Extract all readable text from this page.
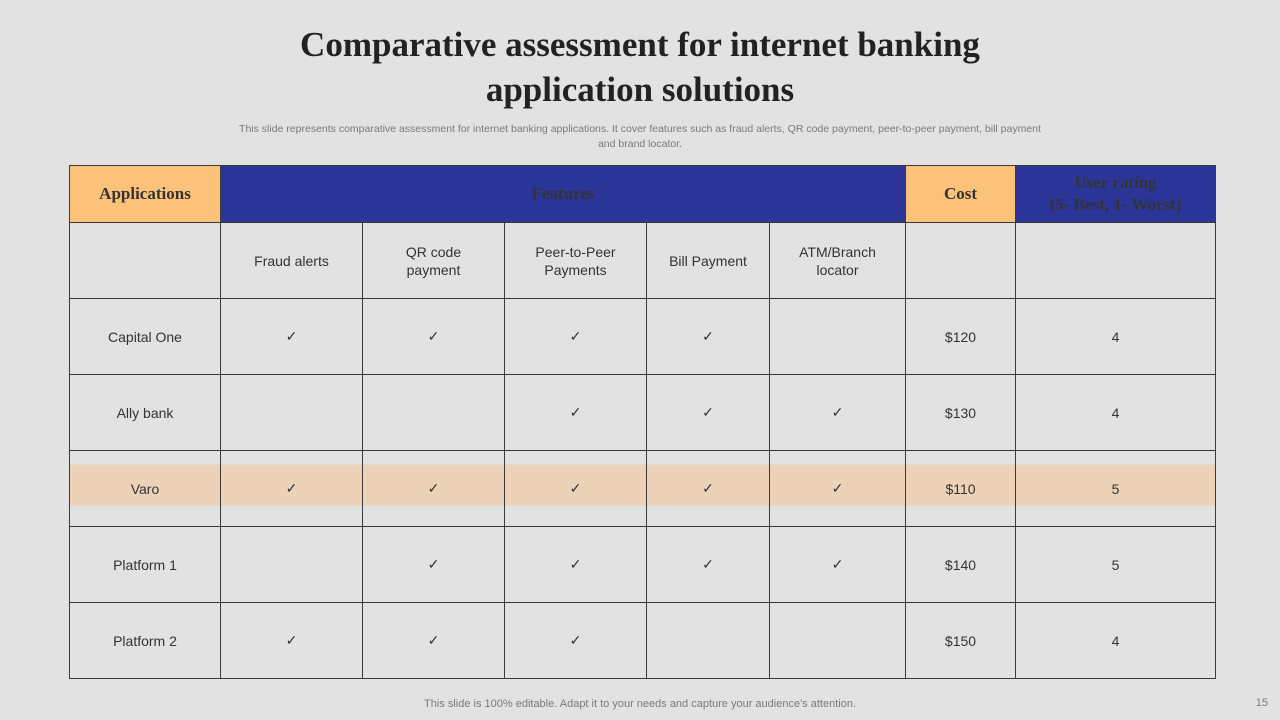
Comparative assessment for internet banking
application solutions
This slide represents comparative assessment for internet banking applications. It cover features such as fraud alerts, QR code payment, peer-to-peer payment, bill payment and brand locator.
Applications	Features					Cost	User rating
(5- Best, 1- Worst)
	Fraud alerts	QR code
payment	Peer-to-Peer
Payments	Bill Payment	ATM/Branch
locator		
Capital One	✓	✓	✓	✓		$120	4
Ally bank			✓	✓	✓	$130	4
Varo	✓	✓	✓	✓	✓	$110	5
Platform 1		✓	✓	✓	✓	$140	5
Platform 2	✓	✓	✓			$150	4
This slide is 100% editable. Adapt it to your needs and capture your audience's attention.	15
